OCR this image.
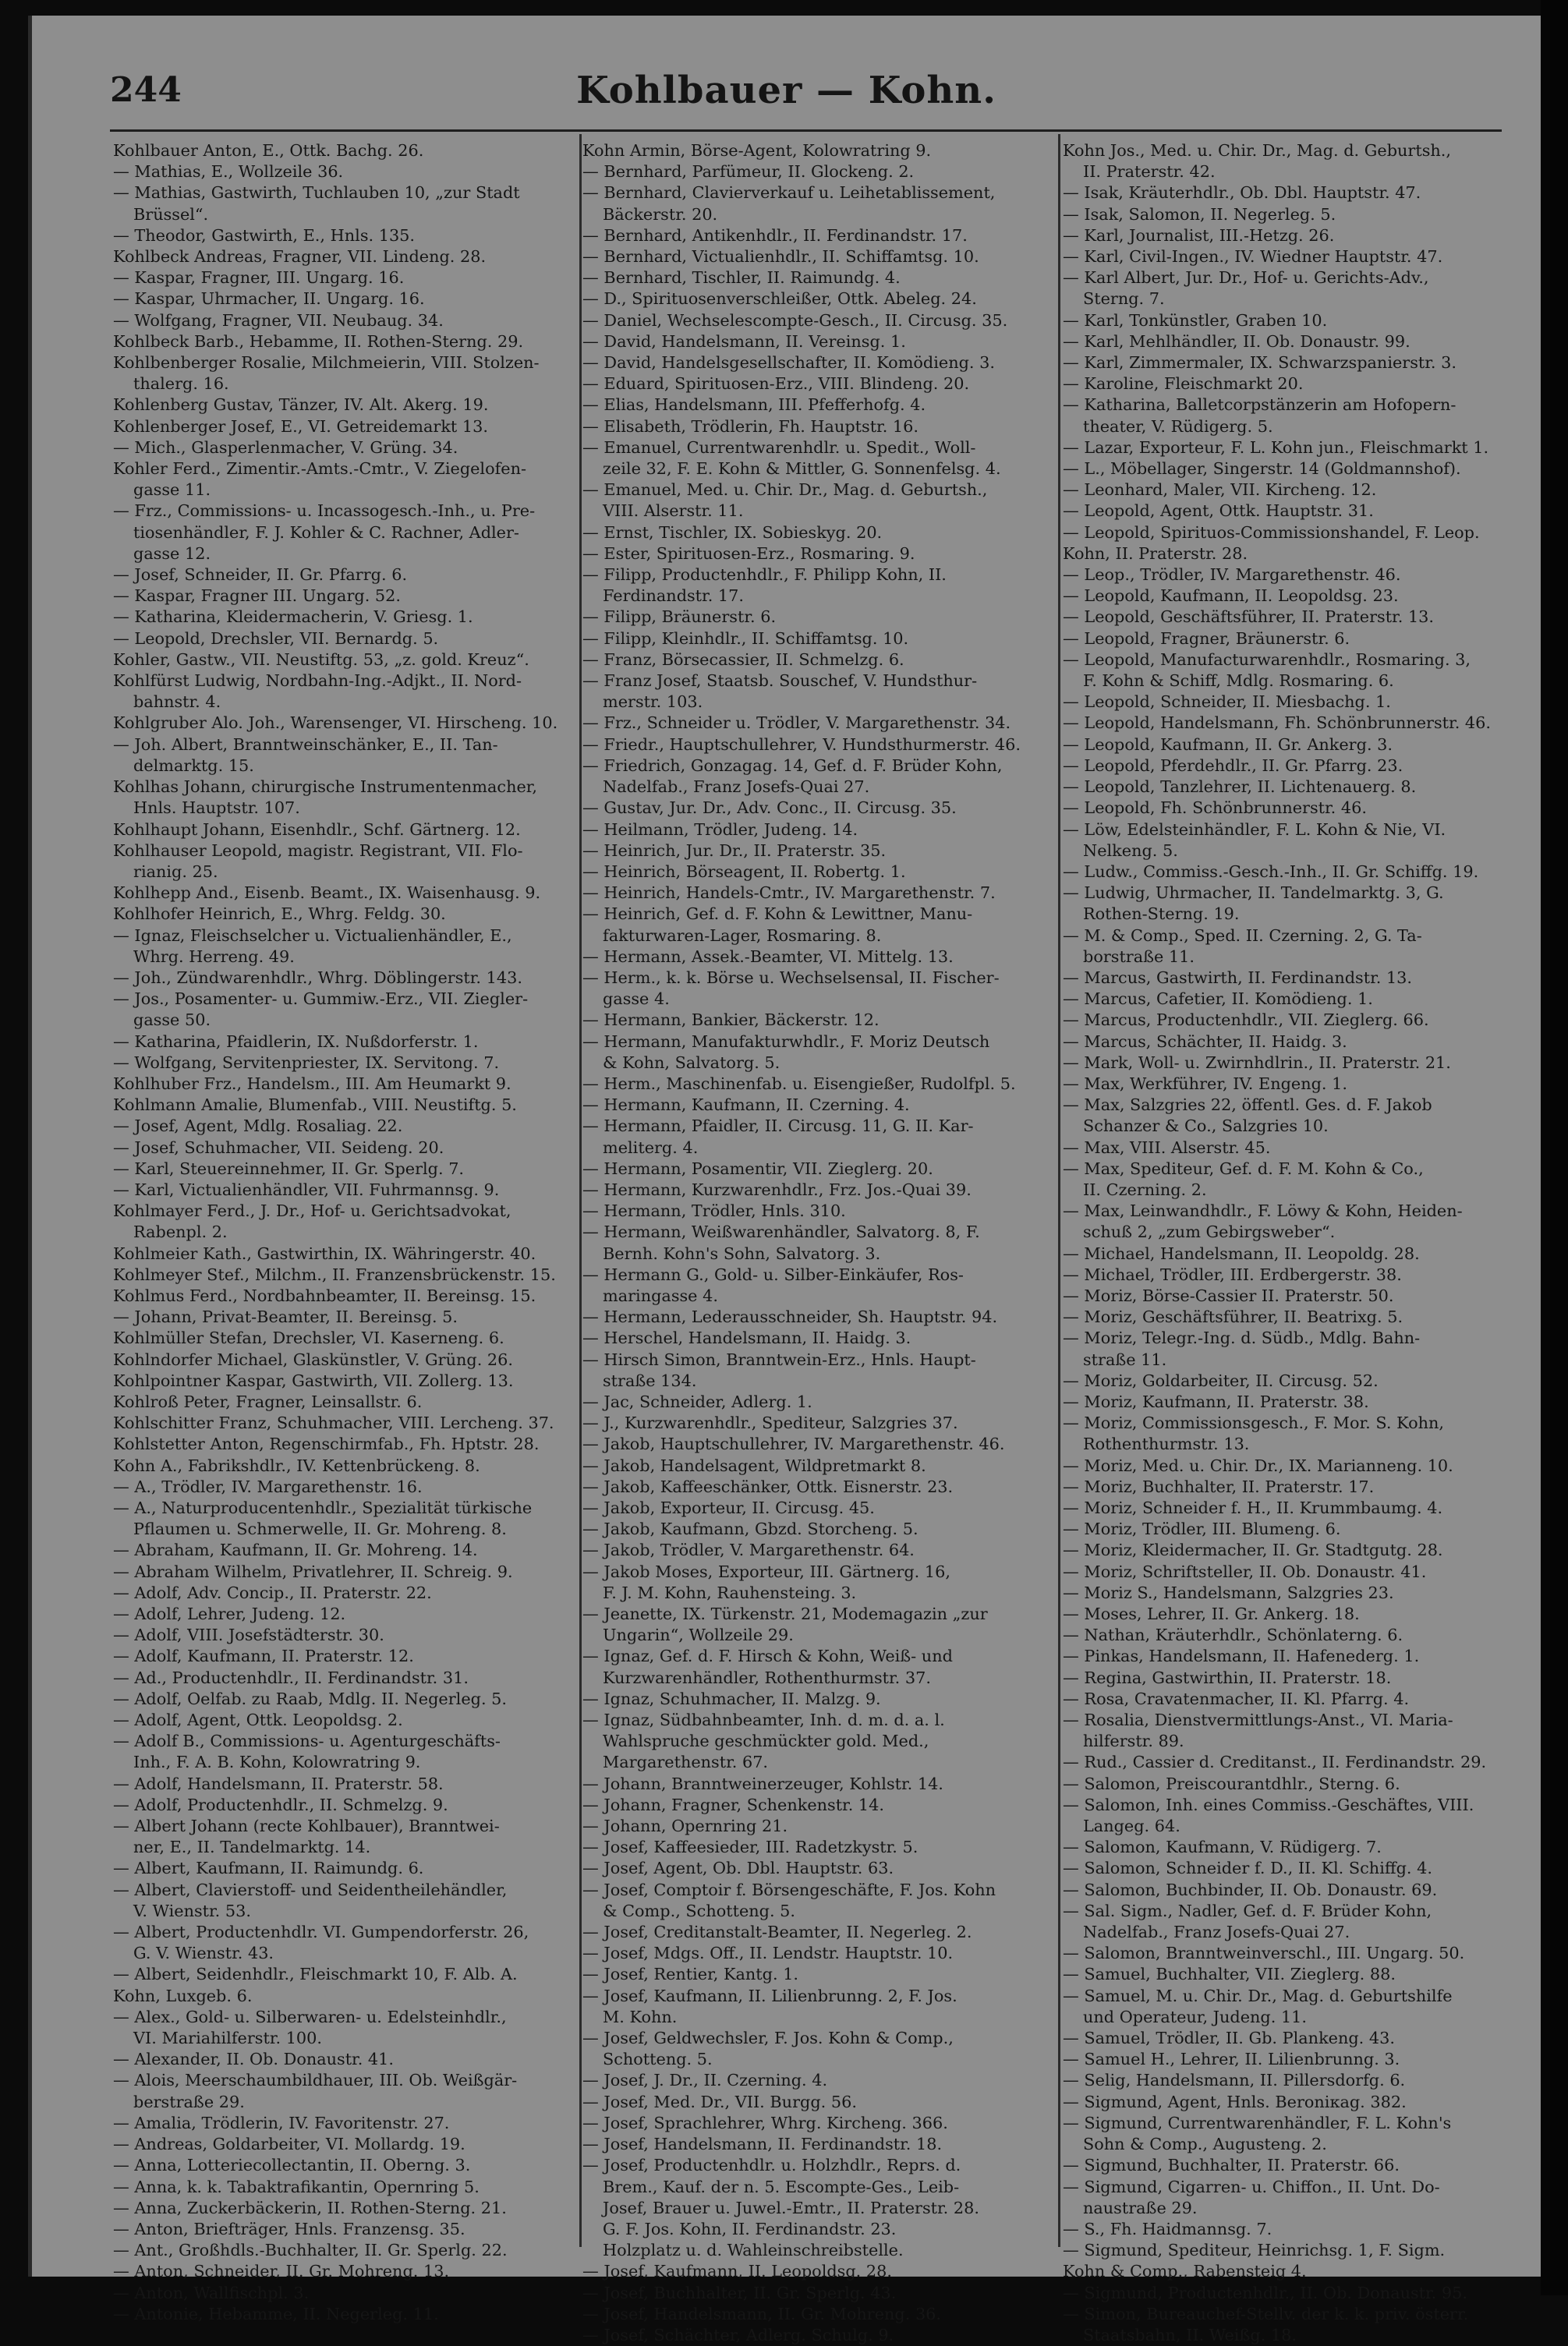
244	Kohlbauer — Kohn.
Kohlbauer Anton, E., Ottk. Bachg. 26.
— Mathias, E., Wollzeile 36.
— Mathias, Gastwirth, Tuchlauben 10, „zur Stadt
Brüssel“.
— Theodor, Gastwirth, E., Hnls. 135.
Kohlbeck Andreas, Fragner, VII. Lindeng. 28.
— Kaspar, Fragner, III. Ungarg. 16.
— Kaspar, Uhrmacher, II. Ungarg. 16.
— Wolfgang, Fragner, VII. Neubaug. 34.
Kohlbeck Barb., Hebamme, II. Rothen-Sterng. 29.
Kohlbenberger Rosalie, Milchmeierin, VIII. Stolzen-
thalerg. 16.
Kohlenberg Gustav, Tänzer, IV. Alt. Akerg. 19.
Kohlenberger Josef, E., VI. Getreidemarkt 13.
— Mich., Glasperlenmacher, V. Grüng. 34.
Kohler Ferd., Zimentir.-Amts.-Cmtr., V. Ziegelofen-
gasse 11.
— Frz., Commissions- u. Incassogesch.-Inh., u. Pre-
tiosenhändler, F. J. Kohler & C. Rachner, Adler-
gasse 12.
— Josef, Schneider, II. Gr. Pfarrg. 6.
— Kaspar, Fragner III. Ungarg. 52.
— Katharina, Kleidermacherin, V. Griesg. 1.
— Leopold, Drechsler, VII. Bernardg. 5.
Kohler, Gastw., VII. Neustiftg. 53, „z. gold. Kreuz“.
Kohlfürst Ludwig, Nordbahn-Ing.-Adjkt., II. Nord-
bahnstr. 4.
Kohlgruber Alo. Joh., Warensenger, VI. Hirscheng. 10.
— Joh. Albert, Branntweinschänker, E., II. Tan-
delmarktg. 15.
Kohlhas Johann, chirurgische Instrumentenmacher,
Hnls. Hauptstr. 107.
Kohlhaupt Johann, Eisenhdlr., Schf. Gärtnerg. 12.
Kohlhauser Leopold, magistr. Registrant, VII. Flo-
rianig. 25.
Kohlhepp And., Eisenb. Beamt., IX. Waisenhausg. 9.
Kohlhofer Heinrich, E., Whrg. Feldg. 30.
— Ignaz, Fleischselcher u. Victualienhändler, E.,
Whrg. Herreng. 49.
— Joh., Zündwarenhdlr., Whrg. Döblingerstr. 143.
— Jos., Posamenter- u. Gummiw.-Erz., VII. Ziegler-
gasse 50.
— Katharina, Pfaidlerin, IX. Nußdorferstr. 1.
— Wolfgang, Servitenpriester, IX. Servitong. 7.
Kohlhuber Frz., Handelsm., III. Am Heumarkt 9.
Kohlmann Amalie, Blumenfab., VIII. Neustiftg. 5.
— Josef, Agent, Mdlg. Rosaliag. 22.
— Josef, Schuhmacher, VII. Seideng. 20.
— Karl, Steuereinnehmer, II. Gr. Sperlg. 7.
— Karl, Victualienhändler, VII. Fuhrmannsg. 9.
Kohlmayer Ferd., J. Dr., Hof- u. Gerichtsadvokat,
Rabenpl. 2.
Kohlmeier Kath., Gastwirthin, IX. Währingerstr. 40.
Kohlmeyer Stef., Milchm., II. Franzensbrückenstr. 15.
Kohlmus Ferd., Nordbahnbeamter, II. Bereinsg. 15.
— Johann, Privat-Beamter, II. Bereinsg. 5.
Kohlmüller Stefan, Drechsler, VI. Kaserneng. 6.
Kohlndorfer Michael, Glaskünstler, V. Grüng. 26.
Kohlpointner Kaspar, Gastwirth, VII. Zollerg. 13.
Kohlroß Peter, Fragner, Leinsallstr. 6.
Kohlschitter Franz, Schuhmacher, VIII. Lercheng. 37.
Kohlstetter Anton, Regenschirmfab., Fh. Hptstr. 28.
Kohn A., Fabrikshdlr., IV. Kettenbrückeng. 8.
— A., Trödler, IV. Margarethenstr. 16.
— A., Naturproducentenhdlr., Spezialität türkische
Pflaumen u. Schmerwelle, II. Gr. Mohreng. 8.
— Abraham, Kaufmann, II. Gr. Mohreng. 14.
— Abraham Wilhelm, Privatlehrer, II. Schreig. 9.
— Adolf, Adv. Concip., II. Praterstr. 22.
— Adolf, Lehrer, Judeng. 12.
— Adolf, VIII. Josefstädterstr. 30.
— Adolf, Kaufmann, II. Praterstr. 12.
— Ad., Productenhdlr., II. Ferdinandstr. 31.
— Adolf, Oelfab. zu Raab, Mdlg. II. Negerleg. 5.
— Adolf, Agent, Ottk. Leopoldsg. 2.
— Adolf B., Commissions- u. Agenturgeschäfts-
Inh., F. A. B. Kohn, Kolowratring 9.
— Adolf, Handelsmann, II. Praterstr. 58.
— Adolf, Productenhdlr., II. Schmelzg. 9.
— Albert Johann (recte Kohlbauer), Branntwei-
ner, E., II. Tandelmarktg. 14.
— Albert, Kaufmann, II. Raimundg. 6.
— Albert, Clavierstoff- und Seidentheilehändler,
V. Wienstr. 53.
— Albert, Productenhdlr. VI. Gumpendorferstr. 26,
G. V. Wienstr. 43.
— Albert, Seidenhdlr., Fleischmarkt 10, F. Alb. A.
Kohn, Luxgeb. 6.
— Alex., Gold- u. Silberwaren- u. Edelsteinhdlr.,
VI. Mariahilferstr. 100.
— Alexander, II. Ob. Donaustr. 41.
— Alois, Meerschaumbildhauer, III. Ob. Weißgär-
berstraße 29.
— Amalia, Trödlerin, IV. Favoritenstr. 27.
— Andreas, Goldarbeiter, VI. Mollardg. 19.
— Anna, Lotteriecollectantin, II. Oberng. 3.
— Anna, k. k. Tabaktrafikantin, Opernring 5.
— Anna, Zuckerbäckerin, II. Rothen-Sterng. 21.
— Anton, Briefträger, Hnls. Franzensg. 35.
— Ant., Großhdls.-Buchhalter, II. Gr. Sperlg. 22.
— Anton, Schneider, II. Gr. Mohreng. 13.
— Anton, Wallfischpl. 3.
— Antonie, Hebamme, II. Negerleg. 11.
Kohn Armin, Börse-Agent, Kolowratring 9.
— Bernhard, Parfümeur, II. Glockeng. 2.
— Bernhard, Clavierverkauf u. Leihetablissement,
Bäckerstr. 20.
— Bernhard, Antikenhdlr., II. Ferdinandstr. 17.
— Bernhard, Victualienhdlr., II. Schiffamtsg. 10.
— Bernhard, Tischler, II. Raimundg. 4.
— D., Spirituosenverschleißer, Ottk. Abeleg. 24.
— Daniel, Wechselescompte-Gesch., II. Circusg. 35.
— David, Handelsmann, II. Vereinsg. 1.
— David, Handelsgesellschafter, II. Komödieng. 3.
— Eduard, Spirituosen-Erz., VIII. Blindeng. 20.
— Elias, Handelsmann, III. Pfefferhofg. 4.
— Elisabeth, Trödlerin, Fh. Hauptstr. 16.
— Emanuel, Currentwarenhdlr. u. Spedit., Woll-
zeile 32, F. E. Kohn & Mittler, G. Sonnenfelsg. 4.
— Emanuel, Med. u. Chir. Dr., Mag. d. Geburtsh.,
VIII. Alserstr. 11.
— Ernst, Tischler, IX. Sobieskyg. 20.
— Ester, Spirituosen-Erz., Rosmaring. 9.
— Filipp, Productenhdlr., F. Philipp Kohn, II.
Ferdinandstr. 17.
— Filipp, Bräunerstr. 6.
— Filipp, Kleinhdlr., II. Schiffamtsg. 10.
— Franz, Börsecassier, II. Schmelzg. 6.
— Franz Josef, Staatsb. Souschef, V. Hundsthur-
merstr. 103.
— Frz., Schneider u. Trödler, V. Margarethenstr. 34.
— Friedr., Hauptschullehrer, V. Hundsthurmerstr. 46.
— Friedrich, Gonzagag. 14, Gef. d. F. Brüder Kohn,
Nadelfab., Franz Josefs-Quai 27.
— Gustav, Jur. Dr., Adv. Conc., II. Circusg. 35.
— Heilmann, Trödler, Judeng. 14.
— Heinrich, Jur. Dr., II. Praterstr. 35.
— Heinrich, Börseagent, II. Robertg. 1.
— Heinrich, Handels-Cmtr., IV. Margarethenstr. 7.
— Heinrich, Gef. d. F. Kohn & Lewittner, Manu-
fakturwaren-Lager, Rosmaring. 8.
— Hermann, Assek.-Beamter, VI. Mittelg. 13.
— Herm., k. k. Börse u. Wechselsensal, II. Fischer-
gasse 4.
— Hermann, Bankier, Bäckerstr. 12.
— Hermann, Manufakturwhdlr., F. Moriz Deutsch
& Kohn, Salvatorg. 5.
— Herm., Maschinenfab. u. Eisengießer, Rudolfpl. 5.
— Hermann, Kaufmann, II. Czerning. 4.
— Hermann, Pfaidler, II. Circusg. 11, G. II. Kar-
meliterg. 4.
— Hermann, Posamentir, VII. Zieglerg. 20.
— Hermann, Kurzwarenhdlr., Frz. Jos.-Quai 39.
— Hermann, Trödler, Hnls. 310.
— Hermann, Weißwarenhändler, Salvatorg. 8, F.
Bernh. Kohn's Sohn, Salvatorg. 3.
— Hermann G., Gold- u. Silber-Einkäufer, Ros-
maringasse 4.
— Hermann, Lederausschneider, Sh. Hauptstr. 94.
— Herschel, Handelsmann, II. Haidg. 3.
— Hirsch Simon, Branntwein-Erz., Hnls. Haupt-
straße 134.
— Jac, Schneider, Adlerg. 1.
— J., Kurzwarenhdlr., Spediteur, Salzgries 37.
— Jakob, Hauptschullehrer, IV. Margarethenstr. 46.
— Jakob, Handelsagent, Wildpretmarkt 8.
— Jakob, Kaffeeschänker, Ottk. Eisnerstr. 23.
— Jakob, Exporteur, II. Circusg. 45.
— Jakob, Kaufmann, Gbzd. Storcheng. 5.
— Jakob, Trödler, V. Margarethenstr. 64.
— Jakob Moses, Exporteur, III. Gärtnerg. 16,
F. J. M. Kohn, Rauhensteing. 3.
— Jeanette, IX. Türkenstr. 21, Modemagazin „zur
Ungarin“, Wollzeile 29.
— Ignaz, Gef. d. F. Hirsch & Kohn, Weiß- und
Kurzwarenhändler, Rothenthurmstr. 37.
— Ignaz, Schuhmacher, II. Malzg. 9.
— Ignaz, Südbahnbeamter, Inh. d. m. d. a. l.
Wahlspruche geschmückter gold. Med.,
Margarethenstr. 67.
— Johann, Branntweinerzeuger, Kohlstr. 14.
— Johann, Fragner, Schenkenstr. 14.
— Johann, Opernring 21.
— Josef, Kaffeesieder, III. Radetzkystr. 5.
— Josef, Agent, Ob. Dbl. Hauptstr. 63.
— Josef, Comptoir f. Börsengeschäfte, F. Jos. Kohn
& Comp., Schotteng. 5.
— Josef, Creditanstalt-Beamter, II. Negerleg. 2.
— Josef, Mdgs. Off., II. Lendstr. Hauptstr. 10.
— Josef, Rentier, Kantg. 1.
— Josef, Kaufmann, II. Lilienbrunng. 2, F. Jos.
M. Kohn.
— Josef, Geldwechsler, F. Jos. Kohn & Comp.,
Schotteng. 5.
— Josef, J. Dr., II. Czerning. 4.
— Josef, Med. Dr., VII. Burgg. 56.
— Josef, Sprachlehrer, Whrg. Kircheng. 366.
— Josef, Handelsmann, II. Ferdinandstr. 18.
— Josef, Productenhdlr. u. Holzhdlr., Reprs. d.
Brem., Kauf. der n. 5. Escompte-Ges., Leib-
Josef, Brauer u. Juwel.-Emtr., II. Praterstr. 28.
G. F. Jos. Kohn, II. Ferdinandstr. 23.
Holzplatz u. d. Wahleinschreibstelle.
— Josef, Kaufmann, II. Leopoldsg. 28.
— Josef, Buchhalter, II. Gr. Sperlg. 43.
— Josef, Handelsmann, II. Gr. Mohreng. 36.
— Josef, Schächter, Adlerg. Schulg. 9.
Kohn Jos., Med. u. Chir. Dr., Mag. d. Geburtsh.,
II. Praterstr. 42.
— Isak, Kräuterhdlr., Ob. Dbl. Hauptstr. 47.
— Isak, Salomon, II. Negerleg. 5.
— Karl, Journalist, III.-Hetzg. 26.
— Karl, Civil-Ingen., IV. Wiedner Hauptstr. 47.
— Karl Albert, Jur. Dr., Hof- u. Gerichts-Adv.,
Sterng. 7.
— Karl, Tonkünstler, Graben 10.
— Karl, Mehlhändler, II. Ob. Donaustr. 99.
— Karl, Zimmermaler, IX. Schwarzspanierstr. 3.
— Karoline, Fleischmarkt 20.
— Katharina, Balletcorpstänzerin am Hofopern-
theater, V. Rüdigerg. 5.
— Lazar, Exporteur, F. L. Kohn jun., Fleischmarkt 1.
— L., Möbellager, Singerstr. 14 (Goldmannshof).
— Leonhard, Maler, VII. Kircheng. 12.
— Leopold, Agent, Ottk. Hauptstr. 31.
— Leopold, Spirituos-Commissionshandel, F. Leop.
Kohn, II. Praterstr. 28.
— Leop., Trödler, IV. Margarethenstr. 46.
— Leopold, Kaufmann, II. Leopoldsg. 23.
— Leopold, Geschäftsführer, II. Praterstr. 13.
— Leopold, Fragner, Bräunerstr. 6.
— Leopold, Manufacturwarenhdlr., Rosmaring. 3,
F. Kohn & Schiff, Mdlg. Rosmaring. 6.
— Leopold, Schneider, II. Miesbachg. 1.
— Leopold, Handelsmann, Fh. Schönbrunnerstr. 46.
— Leopold, Kaufmann, II. Gr. Ankerg. 3.
— Leopold, Pferdehdlr., II. Gr. Pfarrg. 23.
— Leopold, Tanzlehrer, II. Lichtenauerg. 8.
— Leopold, Fh. Schönbrunnerstr. 46.
— Löw, Edelsteinhändler, F. L. Kohn & Nie, VI.
Nelkeng. 5.
— Ludw., Commiss.-Gesch.-Inh., II. Gr. Schiffg. 19.
— Ludwig, Uhrmacher, II. Tandelmarktg. 3, G.
Rothen-Sterng. 19.
— M. & Comp., Sped. II. Czerning. 2, G. Ta-
borstraße 11.
— Marcus, Gastwirth, II. Ferdinandstr. 13.
— Marcus, Cafetier, II. Komödieng. 1.
— Marcus, Productenhdlr., VII. Zieglerg. 66.
— Marcus, Schächter, II. Haidg. 3.
— Mark, Woll- u. Zwirnhdlrin., II. Praterstr. 21.
— Max, Werkführer, IV. Engeng. 1.
— Max, Salzgries 22, öffentl. Ges. d. F. Jakob
Schanzer & Co., Salzgries 10.
— Max, VIII. Alserstr. 45.
— Max, Spediteur, Gef. d. F. M. Kohn & Co.,
II. Czerning. 2.
— Max, Leinwandhdlr., F. Löwy & Kohn, Heiden-
schuß 2, „zum Gebirgsweber“.
— Michael, Handelsmann, II. Leopoldg. 28.
— Michael, Trödler, III. Erdbergerstr. 38.
— Moriz, Börse-Cassier II. Praterstr. 50.
— Moriz, Geschäftsführer, II. Beatrixg. 5.
— Moriz, Telegr.-Ing. d. Südb., Mdlg. Bahn-
straße 11.
— Moriz, Goldarbeiter, II. Circusg. 52.
— Moriz, Kaufmann, II. Praterstr. 38.
— Moriz, Commissionsgesch., F. Mor. S. Kohn,
Rothenthurmstr. 13.
— Moriz, Med. u. Chir. Dr., IX. Marianneng. 10.
— Moriz, Buchhalter, II. Praterstr. 17.
— Moriz, Schneider f. H., II. Krummbaumg. 4.
— Moriz, Trödler, III. Blumeng. 6.
— Moriz, Kleidermacher, II. Gr. Stadtgutg. 28.
— Moriz, Schriftsteller, II. Ob. Donaustr. 41.
— Moriz S., Handelsmann, Salzgries 23.
— Moses, Lehrer, II. Gr. Ankerg. 18.
— Nathan, Kräuterhdlr., Schönlaterng. 6.
— Pinkas, Handelsmann, II. Hafenederg. 1.
— Regina, Gastwirthin, II. Praterstr. 18.
— Rosa, Cravatenmacher, II. Kl. Pfarrg. 4.
— Rosalia, Dienstvermittlungs-Anst., VI. Maria-
hilferstr. 89.
— Rud., Cassier d. Creditanst., II. Ferdinandstr. 29.
— Salomon, Preiscourantdhlr., Sterng. 6.
— Salomon, Inh. eines Commiss.-Geschäftes, VIII.
Langeg. 64.
— Salomon, Kaufmann, V. Rüdigerg. 7.
— Salomon, Schneider f. D., II. Kl. Schiffg. 4.
— Salomon, Buchbinder, II. Ob. Donaustr. 69.
— Sal. Sigm., Nadler, Gef. d. F. Brüder Kohn,
Nadelfab., Franz Josefs-Quai 27.
— Salomon, Branntweinverschl., III. Ungarg. 50.
— Samuel, Buchhalter, VII. Zieglerg. 88.
— Samuel, M. u. Chir. Dr., Mag. d. Geburtshilfe
und Operateur, Judeng. 11.
— Samuel, Trödler, II. Gb. Plankeng. 43.
— Samuel H., Lehrer, II. Lilienbrunng. 3.
— Selig, Handelsmann, II. Pillersdorfg. 6.
— Sigmund, Agent, Hnls. Beroniкag. 382.
— Sigmund, Currentwarenhändler, F. L. Kohn's
Sohn & Comp., Augusteng. 2.
— Sigmund, Buchhalter, II. Praterstr. 66.
— Sigmund, Cigarren- u. Chiffon., II. Unt. Do-
naustraße 29.
— S., Fh. Haidmannsg. 7.
— Sigmund, Spediteur, Heinrichsg. 1, F. Sigm.
Kohn & Comp., Rabensteig 4.
— Sigmund, Productenhdlr., II. Ob. Donaustr. 95.
— Simon, Bureauchef-Stellv. der k. k. priv. österr.
Staatsbahn, II. Weißg. 18.
